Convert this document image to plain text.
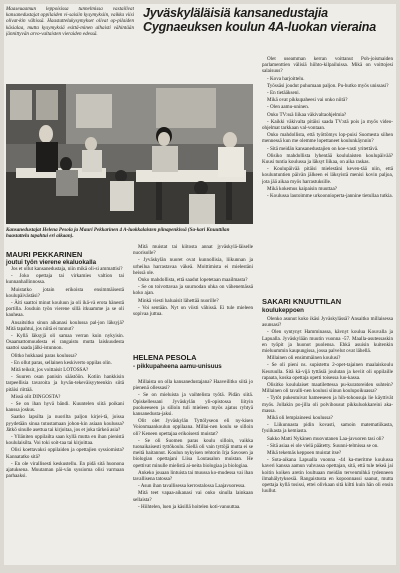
Maaseuaamun leppoisissa tunnelmissa vastailivat kansanedustajat oppilaiden vi-saisiin kysymyksiin, vaikka viisi olivat-kin vähissä. Haastattelukysymykset olivat op-pilaiden käsialaa, mutta kysymyksiä esittä-minen alhaisti vähintään jännittyvän arvo-valtaisten vieraiden edessä.

Jyväskyläläisiä kansanedustajia
Cygnaeuksen koulun 4A-luokan vieraina
Kansanedustajat Helena Pesola ja Mauri Pekkarinen 4 A-luokkalaisten piinapenkissä (Sa-kari Knuuttilan haastattelu tapahtui eri aikaan).
MAURI PEKKARINEN
joutui työn vierene ekaluokalla

Jos et ollut kansanedustaja, niin mikä oli-si ammattisi?

- Joko opettaja tai virkamies valtion tai kunnanhallinnossa.

Muistatko jotain erikoista ensimmäisestä koulupäivästäsi?

- Äiti saattoi minut kouluun ja oli ikä-vä erota hänestä portilla. Jouduin työn vierene sillä itkuamme ja se oli kauheaa.

Ansaitsitko sinun aikanasi koulussa pal-jon läksyjä? Mitä tapahtui, jos niitä ei tunnut?

- Kyllä läksyjä oli samaa verran kuin nykyisin. Osaamattomuudesta ei rangaistu mutta laiskuudesta saattoi saada jälki-istunnon.

Olitko hukkaasi paras koulussa?

- En ollut paras, sellainen keskiverto oppilas olin.

Mitä teiksit, jos voittaisit LOTOSSA?

- Suuren osan panisin säästöön. Kotiin hankkisin tarpeellisia tavaroita ja hyvän-tekeväisyyteenkin siitä pitäisi riittää.

Missä olit DINGOSTA?

- Se on ihan hyvä bändi. Kuuntelen siitä poikani kanssa joskus.

Saatko lapsilta ja nuorilta paljon kirjei-tä, joissa pyydetään sinua tutustamaan johon-kin asiaan koulussa? Jätkö sinulle asettua tai kirjoitaa, jos et joka tärkeä asia?

- Ylläniten oppilailta saan kyllä mutta en ihan pienistä koululaisilta. Voi toki soit-taa tai kirjoittaa.

Olisi koettavaksi oppilaiden ja opettajien syssiomista? Kannatatko sitä?

- En ole virallisesti keskustellu. En pidä sitä huonona ajatuksena. Muutaman päi-vän syssioma olisi varmaan parhaaksi.

Mitä muistat tai kiitosta annat jyväskylä-läiselle nuorisolle?

- Jyväskylän nuoret ovat kunnollisia, liikunnan ja urheilua harrastavaa väkeä. Moittimista ei mielestäni heissä ole.

Onko mahdollista, että saadut lopetetaan maailmasta?

- Se on toivottavaa ja suurnodan uhka on vähenemässä koko ajan.

Minkä viesti haluaisit lähettää nuorille?

- Voi sentään. Nyt on viisti vähissä. Ei tule mieleen sopivaa juttua.

HELENA PESOLA
- pikkupaheena aamu-unisuus

Millaista on olla kansanedustajana? Haaveilitko siitä jo pienenä ollessasi?

- Se on mieluista ja vaihtelista työtä. Pidän siitä. Opiskellessani Jyväskylän yli-opistossa liityin puolueeseen ja silloin tuli mieleen myös ajatus ryhtyä kansanedusta-jaksi.

Olit olet Jyväskylän Tyttölyseon eli ny-kisen Voionmaankoulun oppilaana. Millai-nen koulu se silloin oli? Keneen opettajaa erikoisesti muistat?

- Se oli Suomen paras koulu silloin, vaikka tuonaikaisesti tyttökoulu. Siellä oli vain tyttöjä mutta ei se meitä haitannut. Koulun nykyisen rehtorin Irja Savosen ja biologian opettajani Liisa Loutasalon muistan. He opettivat minulle mielistä ai-neita biologiaa ja biologiaa.

Ankeko jouaan lintuista tai muussa ko-mudessa vai ihan tavallisena tatossa?

- Asun ihan tavallisessa kerrostalossa Laajavuoressa.

Mitä teet vapaa-aikanasi vai onko sinulla lainkaan sellaista?

- Hiihtelen, luen ja käsillä hoitelen koti-vanuuttaa.

Olet useamman kerran voittanut Poh-joismaiden parlamenttien välisiä hiihto-kilpailuissa. Mikä on voittojesi salaisuus?

- Kova harjoittelu.

Työssäsi joudut puhumaan paljon. Pu-hutko myös unissasi?

- En tietääkseni.

Mikä ovat pikkupaheesi vai onko niitä?

- Olen aamu-uninen.

Onko TV:ssä liikaa väkivaltaohjelmia?

- Kaikki väkivalta pitäisi saada TV:stä pois ja myös video-ohjelmat tarkkaan val-vontaan.

Onko mahdollista, että työttömys lop-puisi Suomesta siihen mennessä kun me olemme lopettaneet koulunkäynnin?

- Sitä meidän kansanedustajien on koe-vasti yritettävä.

Olisiko mahdollista lyhentää koululaisten koulupäivää? Kuusi tuntia koulussa ja läksyt liikaa, on aika raskas.

- Koulupäivää pitäisi mielestäni keven-tää niin, että kouluntuntien päivän jälkeen ei läksyistä menisi kovin paljoa, jota jää aikaa myös harrastuksille.

Mikä kokemus kaipaisin muuttaa?

- Koulussa lautoimme urkoonnioperta-jannine tietullaa tutkia.

SAKARI KNUUTTILAN
koulukeppoen

Olenko asunut koko ikäsi Jyväskylässä? Ansaitko millaisessa asunsasi?

- Olen syntynyt Hamminassa, kävnyt koulua Kouvalla ja Lapualla. Jyväskylään muutin vuonna -57. Maalla-asutessaskin en työpit ja huonot puolensa. Ehkä asuisin kuitenkin mieluummin kaupungissa, jossa palvelut ovat lähellä.

Millainen oli ensimmäinen koulusi?

- Se oli pieni ns. supistettu 2-opet-tajainen maalaiskoulu Keuruulla. Sitä kä-vijä tyttäsiä joulutan ja keviit oli oppilaille rapaata, koska opettaja opetti toisessa luo-kassa.

Olisitko koululaiset maatilettessa pu-kuratoreiden suhtein? Millainen oli tavalli-nen koulusi siinun koulupoikuassa?

- Tytöt pukeutuivat hameeseen ja hih-tohousuja lie käyttivät myös. Jollakin po-jilla oli polvihousut pikkuluokkareini aka-massa.

Mikä oli lempiaineesi koulussa?

- Liikunnasta pidin kovasti, samoin matematiikasta, fysiikasta ja kemiasta.

Sakko Matti Nykänen muovutanen Laa-javuoren tasi oli?

- Sitä asiaa ei ole vielä päätetty. Suunni-telmissa se on.

Mikä tekemäs keppoen muistat itse?

- Sota-aikana Lapualla vuonna -44 ka-meritme koulussa kaveri kanssa aamun vahvassa opettajan, sitä, että tule tekeä jai koitin koiken aretin loultuaan meidän tervenmihkä tydenneen ilmahälytyksesiä. Rangaistusta en kopoonnassi saanut, mutta opettaja kyllä tosissi, ettei olivkaan sitä kiltti kuin hän oli ensin luullut.
